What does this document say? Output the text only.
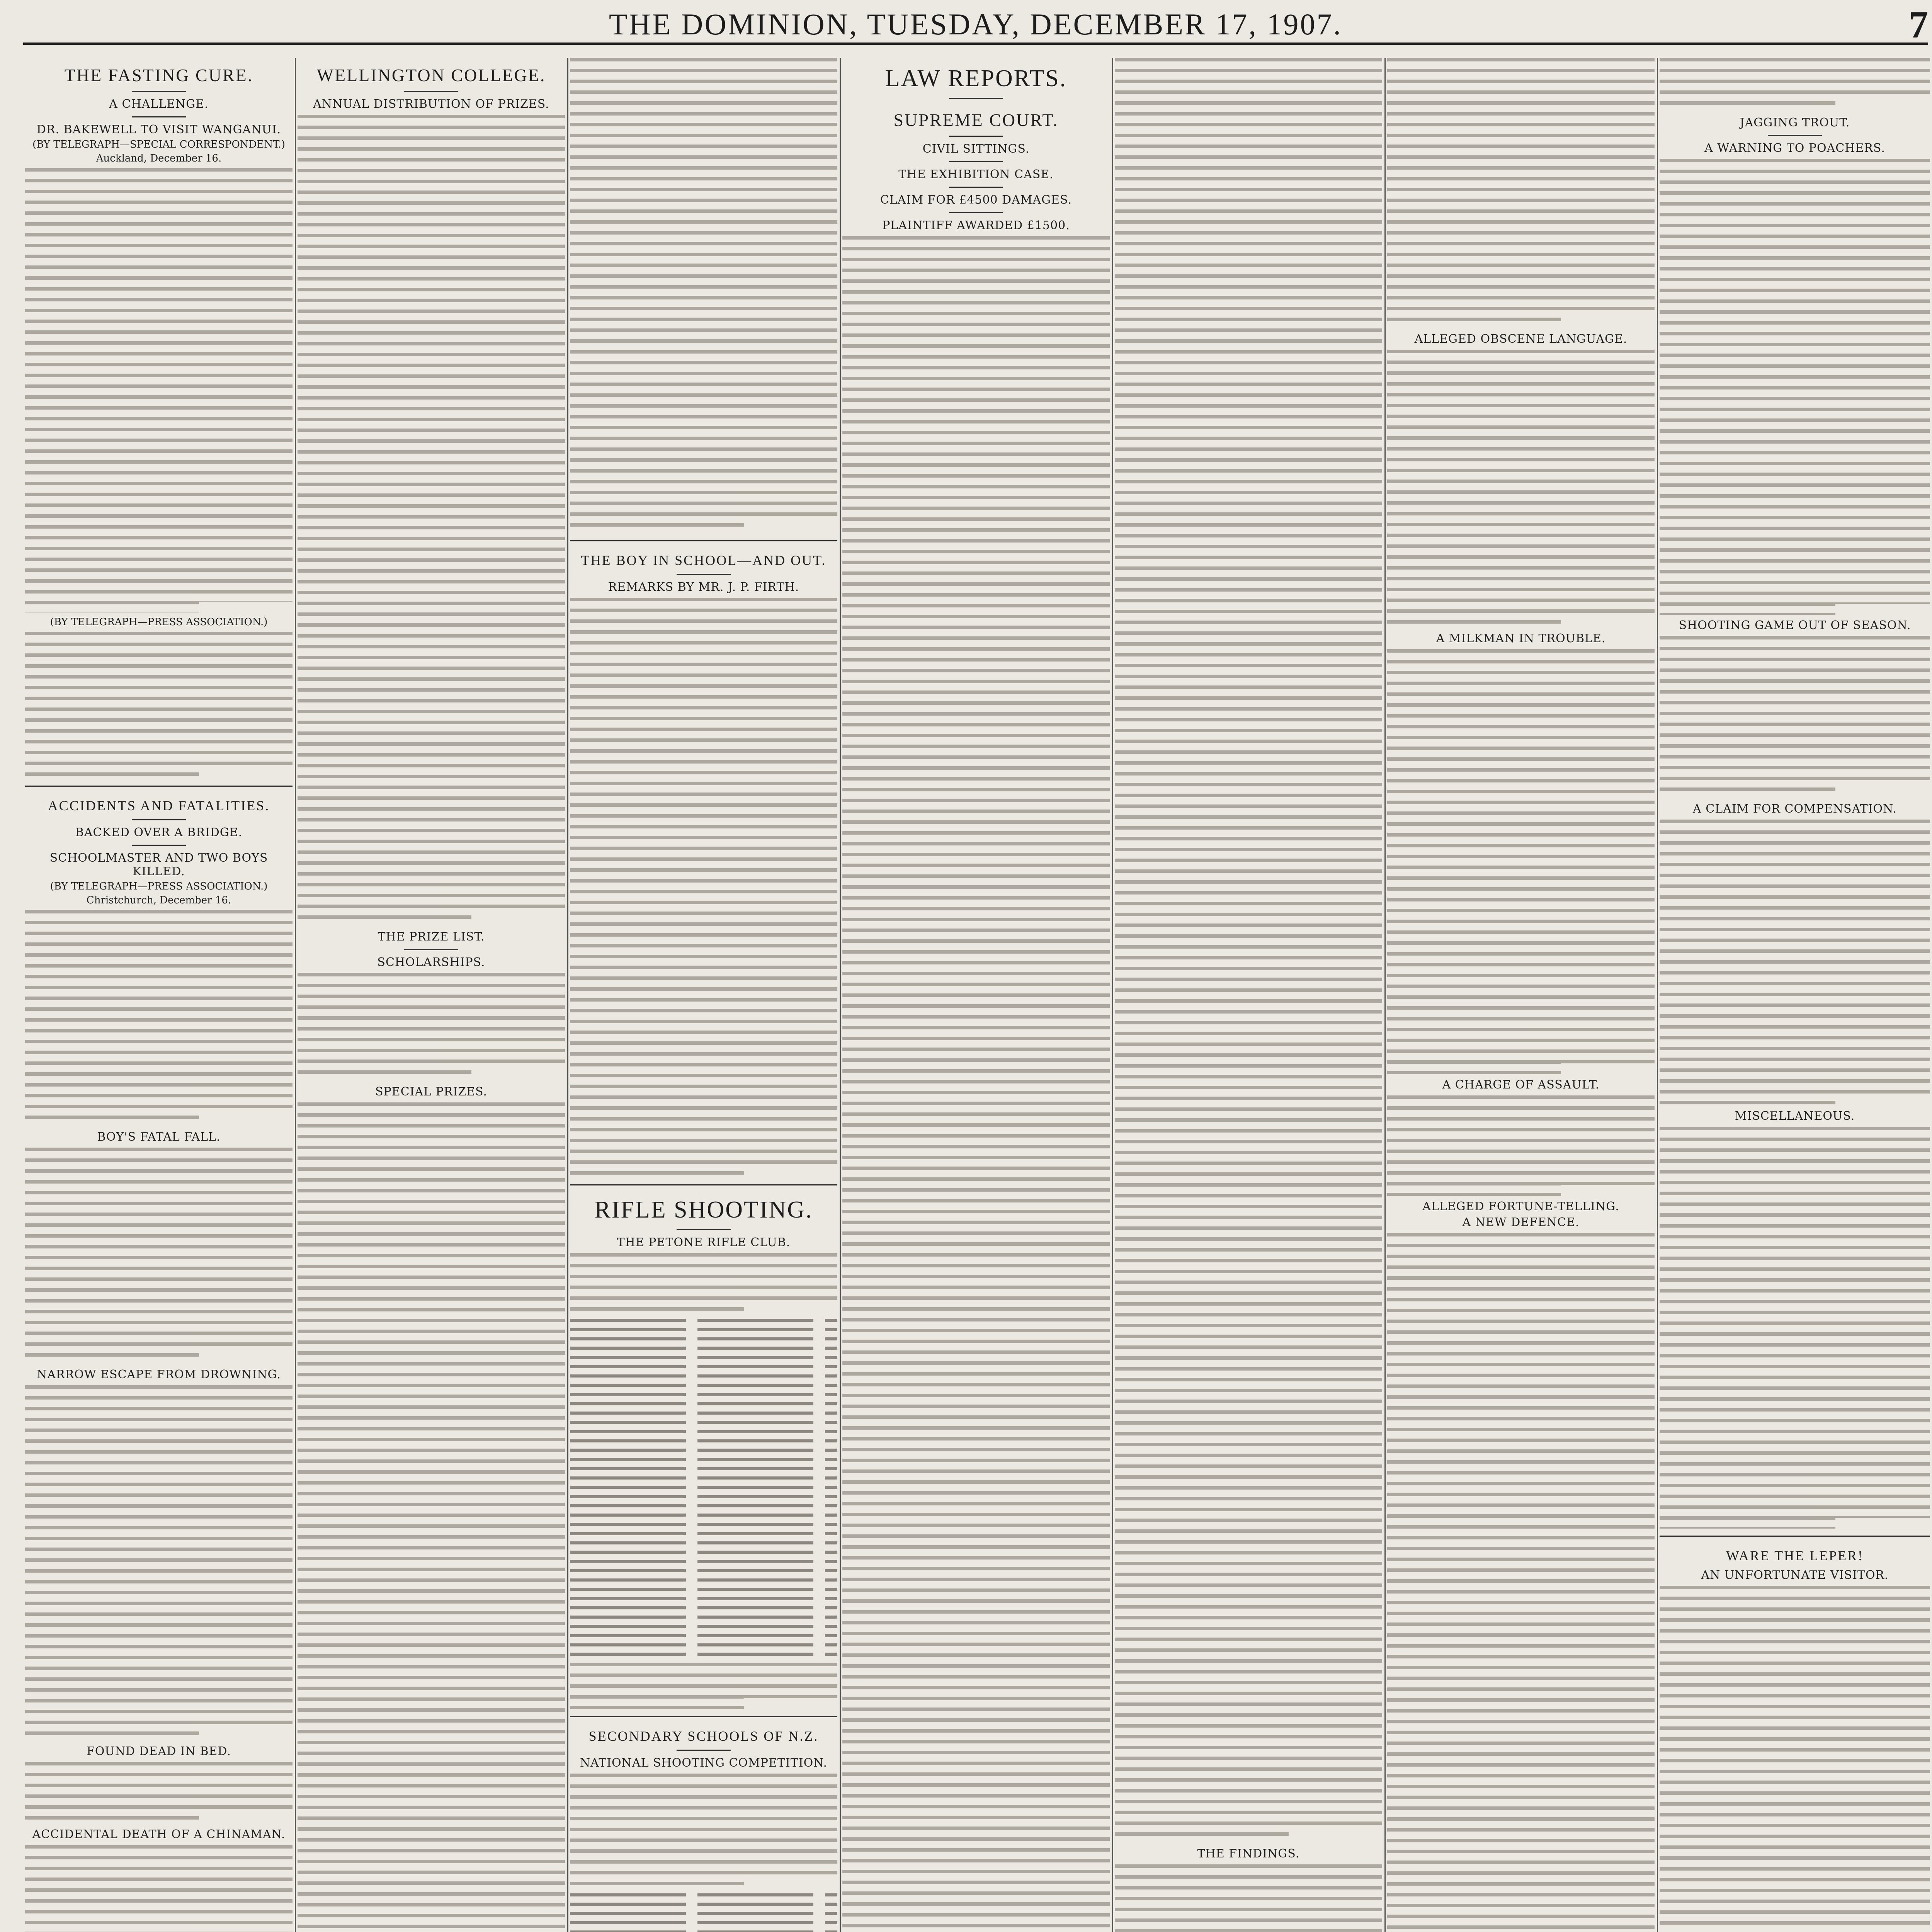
THE DOMINION, TUESDAY, DECEMBER 17, 1907.	7
THE FASTING CURE.
A CHALLENGE.
DR. BAKEWELL TO VISIT WANGANUI.
(BY TELEGRAPH—SPECIAL CORRESPONDENT.)
Auckland, December 16.
(BY TELEGRAPH—PRESS ASSOCIATION.)
ACCIDENTS AND FATALITIES.
BACKED OVER A BRIDGE.
SCHOOLMASTER AND TWO BOYS KILLED.
(BY TELEGRAPH—PRESS ASSOCIATION.)
Christchurch, December 16.
BOY'S FATAL FALL.
NARROW ESCAPE FROM DROWNING.
FOUND DEAD IN BED.
ACCIDENTAL DEATH OF A CHINAMAN.
WELLINGTON COLLEGE.
ANNUAL DISTRIBUTION OF PRIZES.
THE PRIZE LIST.
SCHOLARSHIPS.
SPECIAL PRIZES.
THE BOY IN SCHOOL—AND OUT.
REMARKS BY MR. J. P. FIRTH.
RIFLE SHOOTING.
THE PETONE RIFLE CLUB.
SECONDARY SCHOOLS OF N.Z.
NATIONAL SHOOTING COMPETITION.
LAW REPORTS.
SUPREME COURT.
CIVIL SITTINGS.
THE EXHIBITION CASE.
CLAIM FOR £4500 DAMAGES.
PLAINTIFF AWARDED £1500.
THE FINDINGS.
ALLEGED OBSCENE LANGUAGE.
A MILKMAN IN TROUBLE.
A CHARGE OF ASSAULT.
ALLEGED FORTUNE-TELLING.
A NEW DEFENCE.
JAGGING TROUT.
A WARNING TO POACHERS.
SHOOTING GAME OUT OF SEASON.
A CLAIM FOR COMPENSATION.
MISCELLANEOUS.
WARE THE LEPER!
AN UNFORTUNATE VISITOR.
